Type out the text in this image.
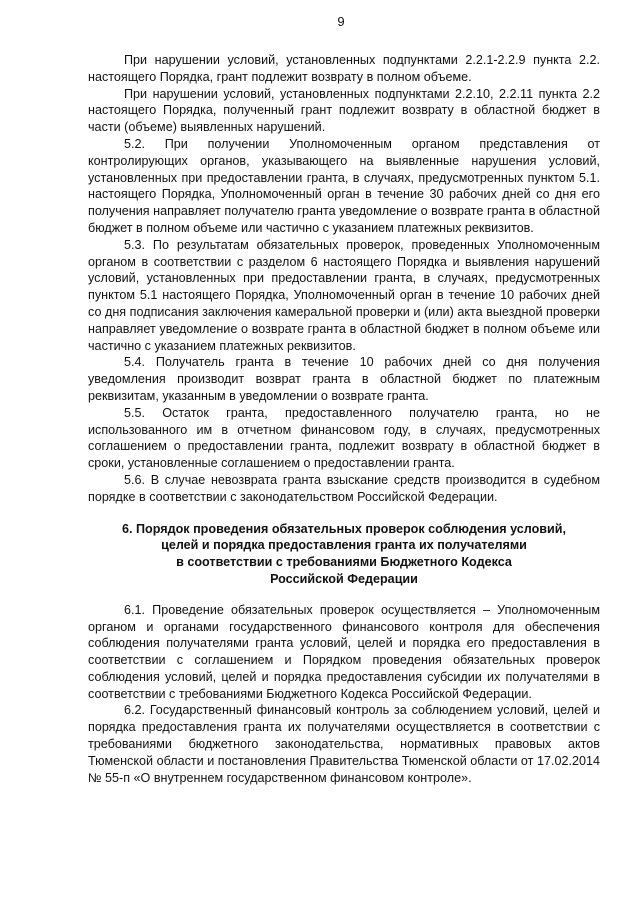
9

При нарушении условий, установленных подпунктами 2.2.1-2.2.9 пункта 2.2. настоящего Порядка, грант подлежит возврату в полном объеме.

При нарушении условий, установленных подпунктами 2.2.10, 2.2.11 пункта 2.2 настоящего Порядка, полученный грант подлежит возврату в областной бюджет в части (объеме) выявленных нарушений.

5.2. При получении Уполномоченным органом представления от контролирующих органов, указывающего на выявленные нарушения условий, установленных при предоставлении гранта, в случаях, предусмотренных пунктом 5.1. настоящего Порядка, Уполномоченный орган в течение 30 рабочих дней со дня его получения направляет получателю гранта уведомление о возврате гранта в областной бюджет в полном объеме или частично с указанием платежных реквизитов.

5.3. По результатам обязательных проверок, проведенных Уполномоченным органом в соответствии с разделом 6 настоящего Порядка и выявления нарушений условий, установленных при предоставлении гранта, в случаях, предусмотренных пунктом 5.1 настоящего Порядка, Уполномоченный орган в течение 10 рабочих дней со дня подписания заключения камеральной проверки и (или) акта выездной проверки направляет уведомление о возврате гранта в областной бюджет в полном объеме или частично с указанием платежных реквизитов.

5.4. Получатель гранта в течение 10 рабочих дней со дня получения уведомления производит возврат гранта в областной бюджет по платежным реквизитам, указанным в уведомлении о возврате гранта.

5.5. Остаток гранта, предоставленного получателю гранта, но не использованного им в отчетном финансовом году, в случаях, предусмотренных соглашением о предоставлении гранта, подлежит возврату в областной бюджет в сроки, установленные соглашением о предоставлении гранта.

5.6. В случае невозврата гранта взыскание средств производится в судебном порядке в соответствии с законодательством Российской Федерации.

6. Порядок проведения обязательных проверок соблюдения условий,
целей и порядка предоставления гранта их получателями
в соответствии с требованиями Бюджетного Кодекса
Российской Федерации

6.1. Проведение обязательных проверок осуществляется – Уполномоченным органом и органами государственного финансового контроля для обеспечения соблюдения получателями гранта условий, целей и порядка его предоставления в соответствии с соглашением и Порядком проведения обязательных проверок соблюдения условий, целей и порядка предоставления субсидии их получателями в соответствии с требованиями Бюджетного Кодекса Российской Федерации.

6.2. Государственный финансовый контроль за соблюдением условий, целей и порядка предоставления гранта их получателями осуществляется в соответствии с требованиями бюджетного законодательства, нормативных правовых актов Тюменской области и постановления Правительства Тюменской области от 17.02.2014 № 55-п «О внутреннем государственном финансовом контроле».
